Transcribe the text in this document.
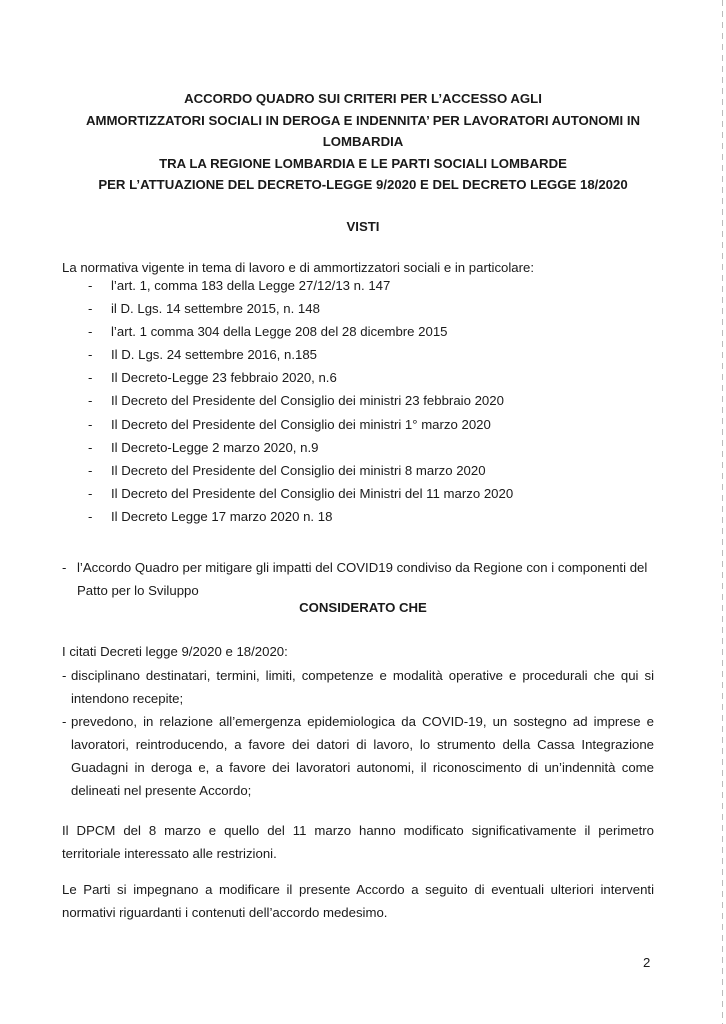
ACCORDO QUADRO SUI CRITERI PER L’ACCESSO AGLI
AMMORTIZZATORI SOCIALI IN DEROGA E INDENNITA’ PER LAVORATORI AUTONOMI IN
LOMBARDIA
TRA LA REGIONE LOMBARDIA E LE PARTI SOCIALI LOMBARDE
PER L’ATTUAZIONE DEL DECRETO-LEGGE 9/2020 E DEL DECRETO LEGGE 18/2020
VISTI
La normativa vigente in tema di lavoro e di ammortizzatori sociali e in particolare:
- l’art. 1, comma 183 della Legge 27/12/13 n. 147
- il D. Lgs. 14 settembre 2015, n. 148
- l’art. 1 comma 304 della Legge 208 del 28 dicembre 2015
- Il D. Lgs. 24 settembre 2016, n.185
- Il Decreto-Legge 23 febbraio 2020, n.6
- Il Decreto del Presidente del Consiglio dei ministri 23 febbraio 2020
- Il Decreto del Presidente del Consiglio dei ministri 1° marzo 2020
- Il Decreto-Legge 2 marzo 2020, n.9
- Il Decreto del Presidente del Consiglio dei ministri 8 marzo 2020
- Il Decreto del Presidente del Consiglio dei Ministri del 11 marzo 2020
- Il Decreto Legge 17 marzo 2020 n. 18
- l’Accordo Quadro per mitigare gli impatti del COVID19 condiviso da Regione con i componenti del Patto per lo Sviluppo
CONSIDERATO CHE
I citati Decreti legge 9/2020 e 18/2020:
- disciplinano destinatari, termini, limiti, competenze e modalità operative e procedurali che qui si intendono recepite;
- prevedono, in relazione all’emergenza epidemiologica da COVID-19, un sostegno ad imprese e lavoratori, reintroducendo, a favore dei datori di lavoro, lo strumento della Cassa Integrazione Guadagni in deroga e, a favore dei lavoratori autonomi, il riconoscimento di un’indennità come delineati nel presente Accordo;
Il DPCM del 8 marzo e quello del 11 marzo hanno modificato significativamente il perimetro territoriale interessato alle restrizioni.
Le Parti si impegnano a modificare il presente Accordo a seguito di eventuali ulteriori interventi normativi riguardanti i contenuti dell’accordo medesimo.
2
